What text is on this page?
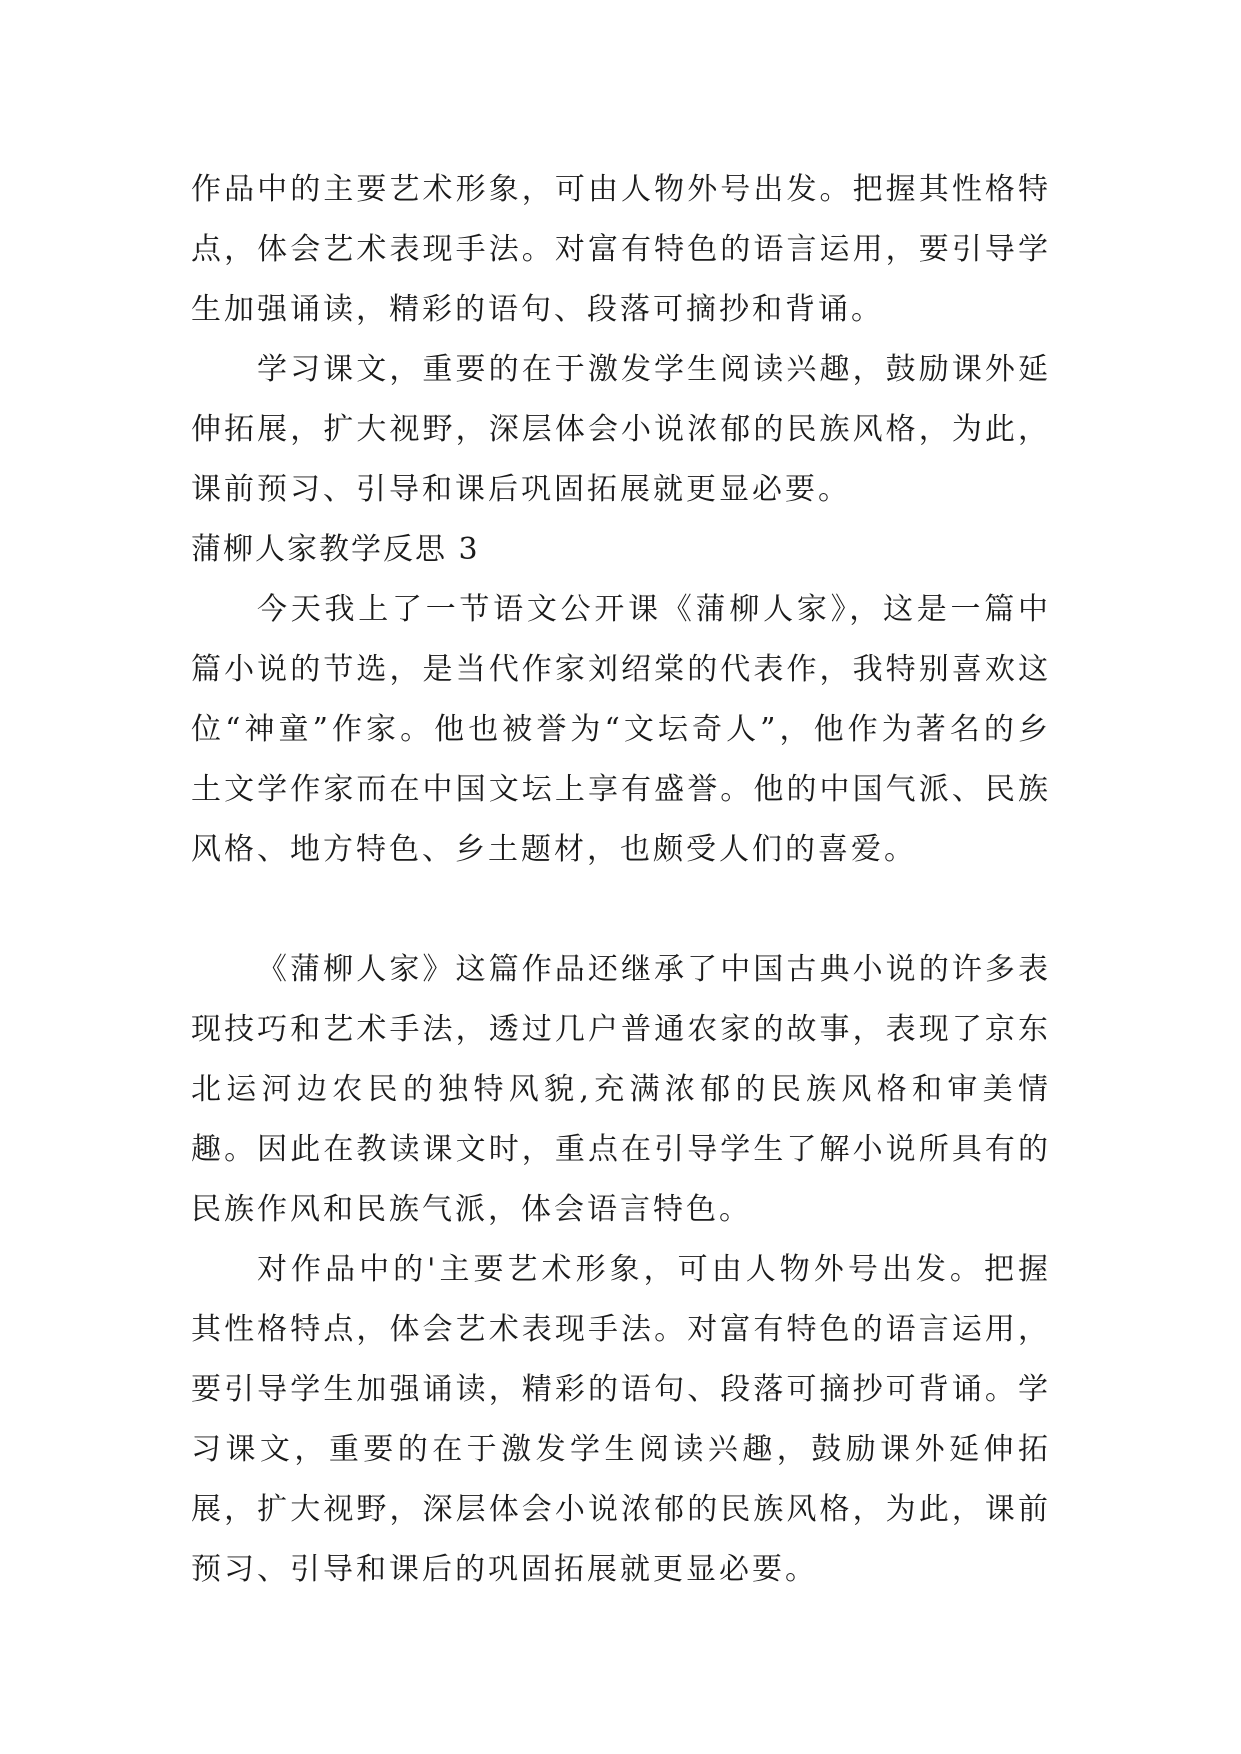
作品中的主要艺术形象，可由人物外号出发。把握其性格特点，体会艺术表现手法。对富有特色的语言运用，要引导学生加强诵读，精彩的语句、段落可摘抄和背诵。

学习课文，重要的在于激发学生阅读兴趣，鼓励课外延伸拓展，扩大视野，深层体会小说浓郁的民族风格，为此，课前预习、引导和课后巩固拓展就更显必要。

蒲柳人家教学反思 3

今天我上了一节语文公开课《蒲柳人家》，这是一篇中篇小说的节选，是当代作家刘绍棠的代表作，我特别喜欢这位“神童”作家。他也被誉为“文坛奇人”，他作为著名的乡土文学作家而在中国文坛上享有盛誉。他的中国气派、民族风格、地方特色、乡土题材，也颇受人们的喜爱。

《蒲柳人家》这篇作品还继承了中国古典小说的许多表现技巧和艺术手法，透过几户普通农家的故事，表现了京东北运河边农民的独特风貌,充满浓郁的民族风格和审美情趣。因此在教读课文时，重点在引导学生了解小说所具有的民族作风和民族气派，体会语言特色。

对作品中的'主要艺术形象，可由人物外号出发。把握其性格特点，体会艺术表现手法。对富有特色的语言运用，要引导学生加强诵读，精彩的语句、段落可摘抄可背诵。学习课文，重要的在于激发学生阅读兴趣，鼓励课外延伸拓展，扩大视野，深层体会小说浓郁的民族风格，为此，课前预习、引导和课后的巩固拓展就更显必要。
